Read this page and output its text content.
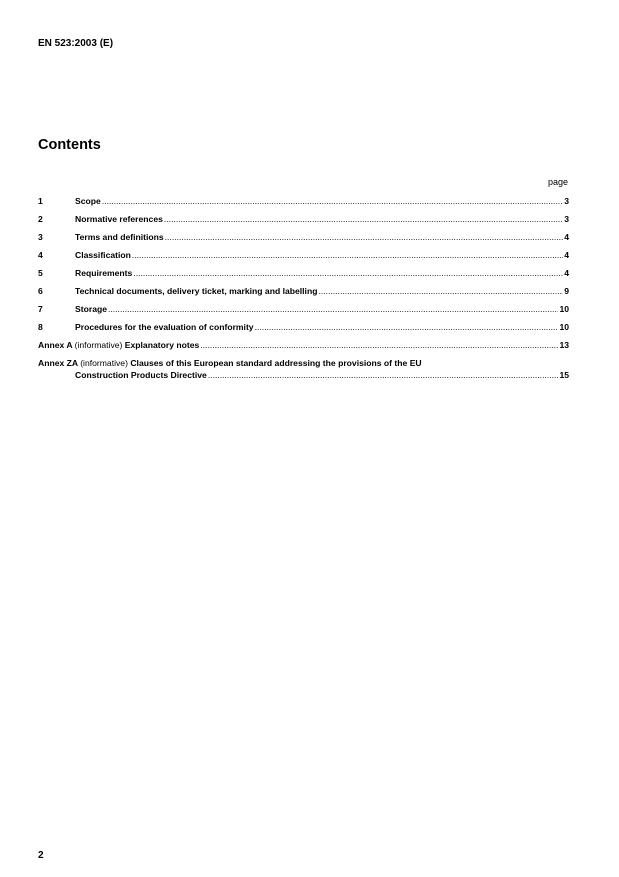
EN 523:2003 (E)
Contents
page
1	Scope .....	3
2	Normative references .....	3
3	Terms and definitions .....	4
4	Classification .....	4
5	Requirements .....	4
6	Technical documents, delivery ticket, marking and labelling .....	9
7	Storage .....	10
8	Procedures for the evaluation of conformity .....	10
Annex A (informative) Explanatory notes .....	13
Annex ZA (informative) Clauses of this European standard addressing the provisions of the EU
Construction Products Directive .....	15
2
